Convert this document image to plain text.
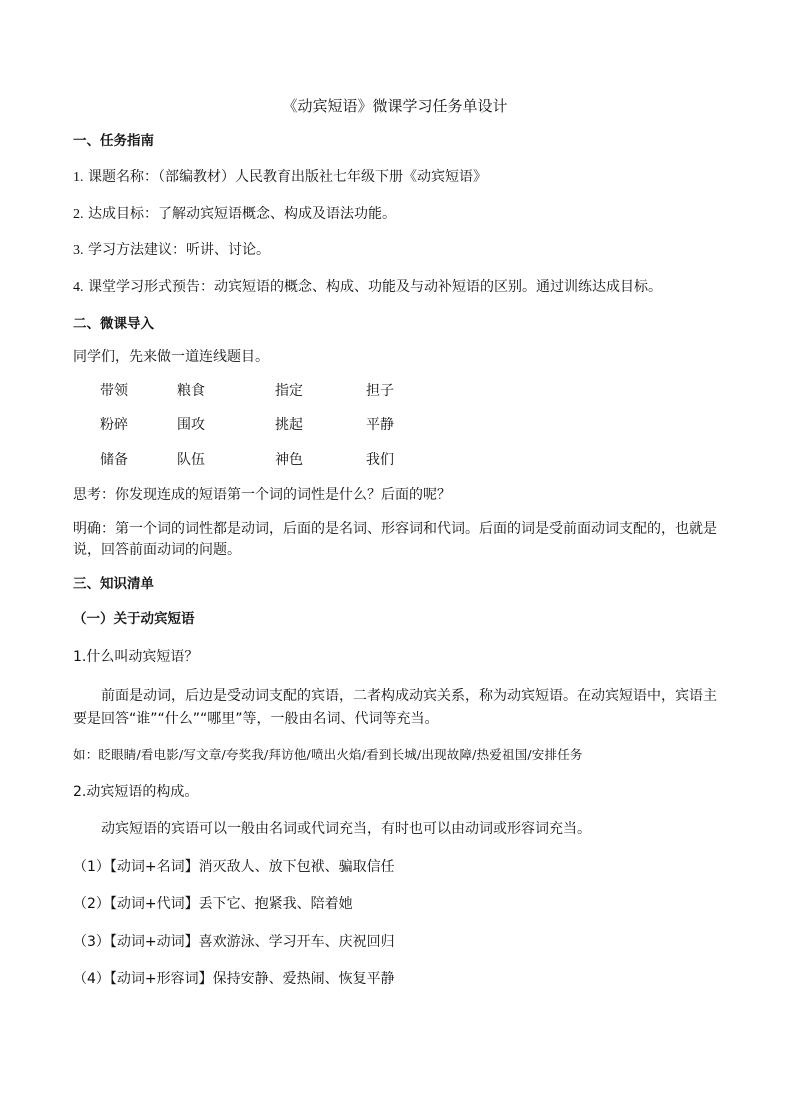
《动宾短语》微课学习任务单设计
一、任务指南
1. 课题名称：（部编教材）人民教育出版社七年级下册《动宾短语》
2. 达成目标：了解动宾短语概念、构成及语法功能。
3. 学习方法建议：听讲、讨论。
4. 课堂学习形式预告：动宾短语的概念、构成、功能及与动补短语的区别。通过训练达成目标。
二、微课导入
同学们，先来做一道连线题目。
带领	粮食	指定	担子
粉碎	围攻	挑起	平静
储备	队伍	神色	我们
思考：你发现连成的短语第一个词的词性是什么？后面的呢？
明确：第一个词的词性都是动词，后面的是名词、形容词和代词。后面的词是受前面动词支配的，也就是
说，回答前面动词的问题。
三、知识清单
（一）关于动宾短语
1.什么叫动宾短语？
前面是动词，后边是受动词支配的宾语，二者构成动宾关系，称为动宾短语。在动宾短语中，宾语主
要是回答“谁”“什么”“哪里”等，一般由名词、代词等充当。
如：眨眼睛/看电影/写文章/夸奖我/拜访他/喷出火焰/看到长城/出现故障/热爱祖国/安排任务
2.动宾短语的构成。
动宾短语的宾语可以一般由名词或代词充当，有时也可以由动词或形容词充当。
（1）【动词+名词】消灭敌人、放下包袱、骗取信任
（2）【动词+代词】丢下它、抱紧我、陪着她
（3）【动词+动词】喜欢游泳、学习开车、庆祝回归
（4）【动词+形容词】保持安静、爱热闹、恢复平静
